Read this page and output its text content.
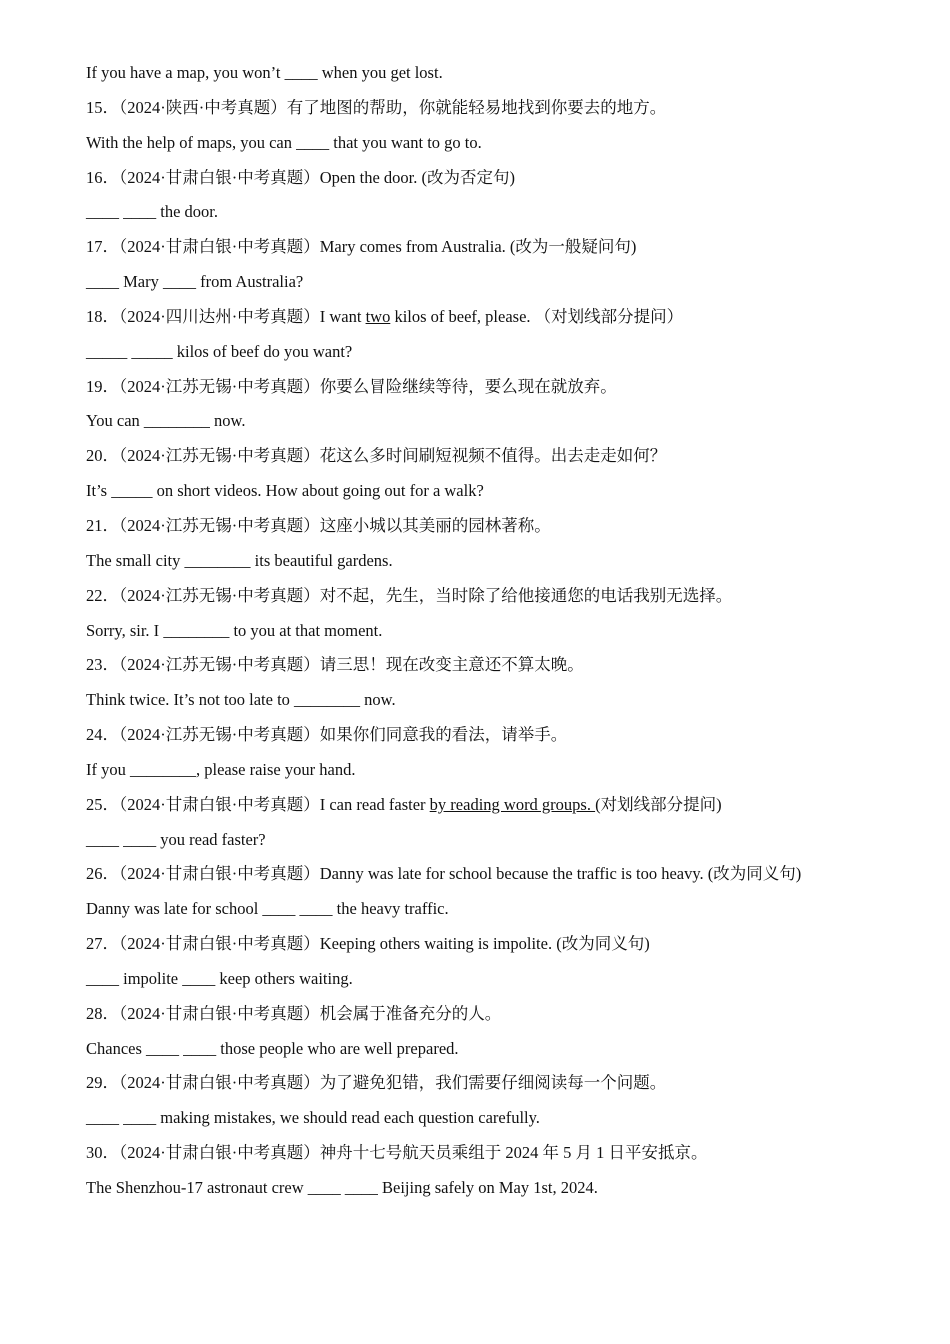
If you have a map, you won’t ____ when you get lost.
15．（2024·陕西·中考真题）有了地图的帮助，你就能轻易地找到你要去的地方。
With the help of maps, you can ____ that you want to go to.
16．（2024·甘肃白银·中考真题）Open the door. (改为否定句)
____ ____ the door.
17．（2024·甘肃白银·中考真题）Mary comes from Australia. (改为一般疑问句)
____ Mary ____ from Australia?
18．（2024·四川达州·中考真题）I want two kilos of beef, please. （对划线部分提问）
_____ _____ kilos of beef do you want?
19．（2024·江苏无锡·中考真题）你要么冒险继续等待，要么现在就放弃。
You can ________ now.
20．（2024·江苏无锡·中考真题）花这么多时间刷短视频不值得。出去走走如何？
It’s _____ on short videos. How about going out for a walk?
21．（2024·江苏无锡·中考真题）这座小城以其美丽的园林著称。
The small city ________ its beautiful gardens.
22．（2024·江苏无锡·中考真题）对不起，先生，当时除了给他接通您的电话我别无选择。
Sorry, sir. I ________ to you at that moment.
23．（2024·江苏无锡·中考真题）请三思！现在改变主意还不算太晚。
Think twice. It’s not too late to ________ now.
24．（2024·江苏无锡·中考真题）如果你们同意我的看法，请举手。
If you ________, please raise your hand.
25．（2024·甘肃白银·中考真题）I can read faster by reading word groups. (对划线部分提问)
____ ____ you read faster?
26．（2024·甘肃白银·中考真题）Danny was late for school because the traffic is too heavy. (改为同义句)
Danny was late for school ____ ____ the heavy traffic.
27．（2024·甘肃白银·中考真题）Keeping others waiting is impolite. (改为同义句)
____ impolite ____ keep others waiting.
28．（2024·甘肃白银·中考真题）机会属于准备充分的人。
Chances ____ ____ those people who are well prepared.
29．（2024·甘肃白银·中考真题）为了避免犯错，我们需要仔细阅读每一个问题。
____ ____ making mistakes, we should read each question carefully.
30．（2024·甘肃白银·中考真题）神舟十七号航天员乘组于 2024 年 5 月 1 日平安抵京。
The Shenzhou-17 astronaut crew ____ ____ Beijing safely on May 1st, 2024.
